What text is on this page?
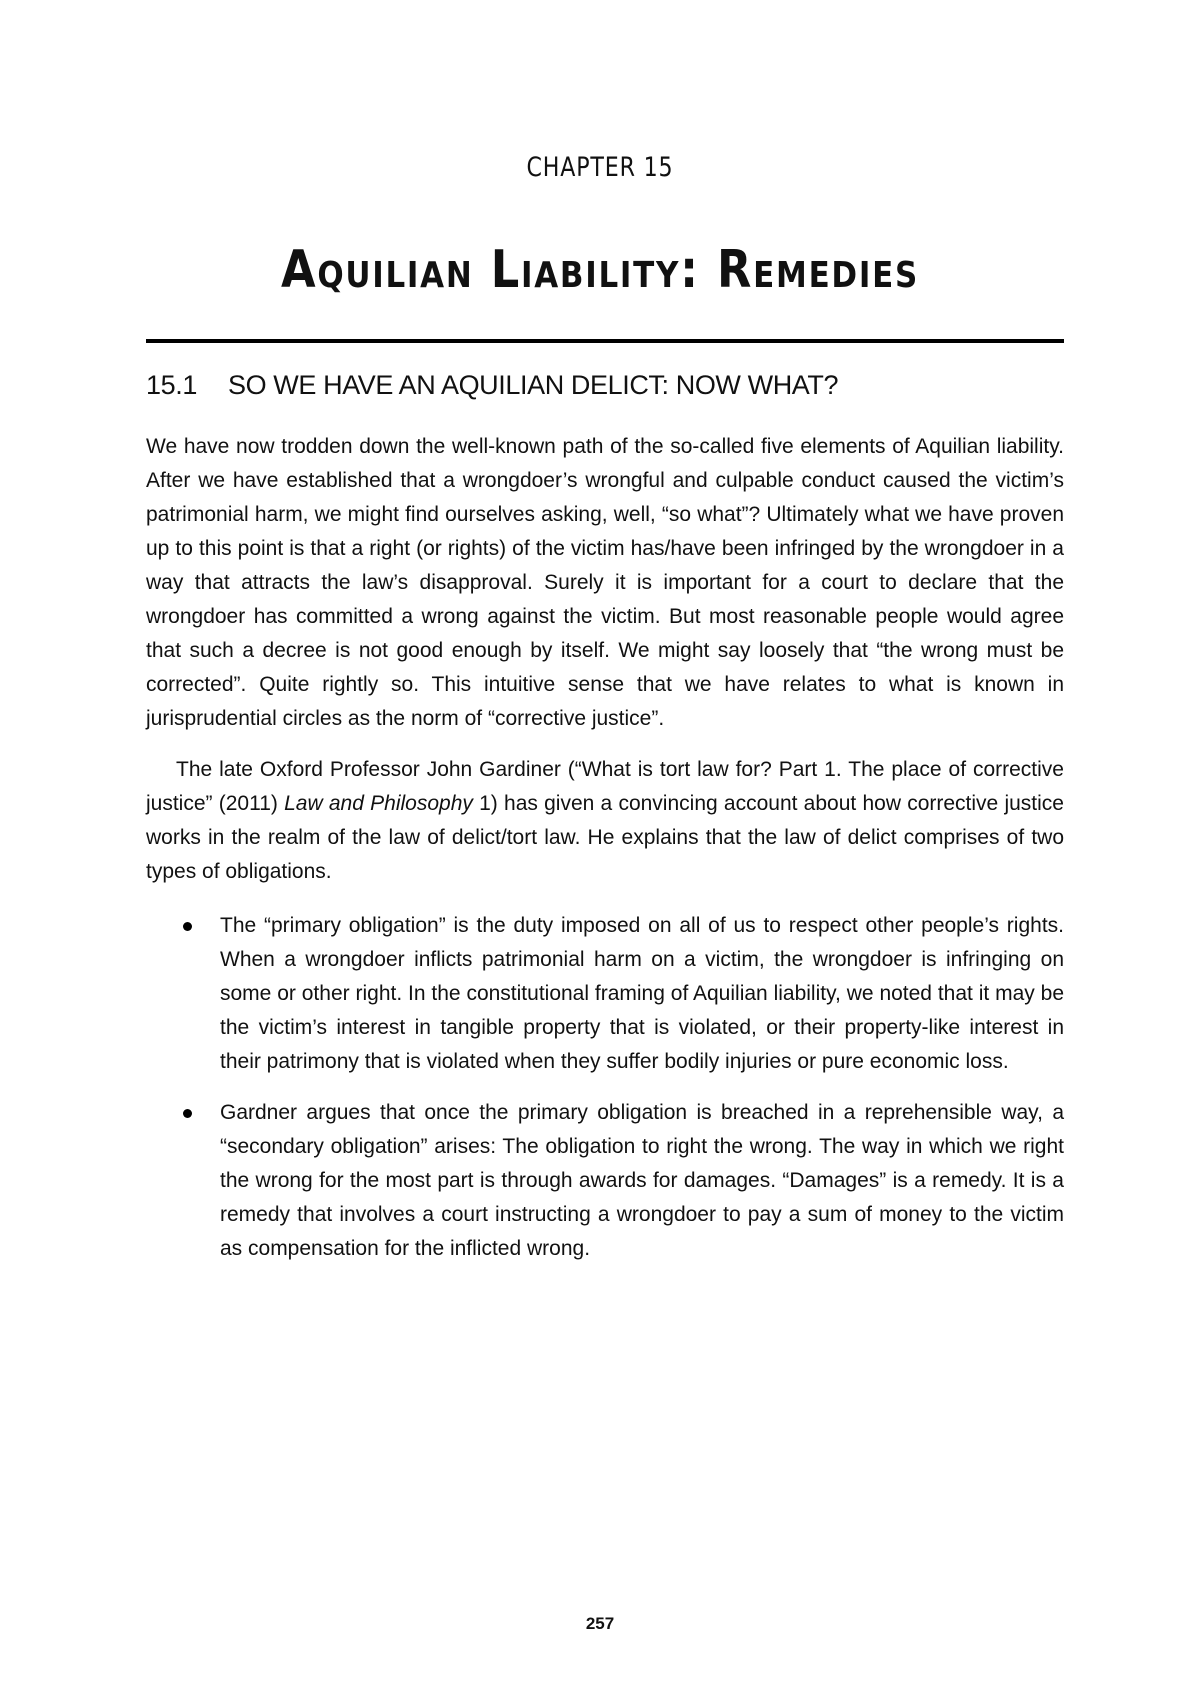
CHAPTER 15
Aquilian Liability: Remedies
15.1 SO WE HAVE AN AQUILIAN DELICT: NOW WHAT?

We have now trodden down the well-known path of the so-called five elements of Aquilian liability. After we have established that a wrongdoer’s wrongful and culpable conduct caused the victim’s patrimonial harm, we might find ourselves asking, well, “so what”? Ultimately what we have proven up to this point is that a right (or rights) of the victim has/have been infringed by the wrongdoer in a way that attracts the law’s disapproval. Surely it is important for a court to declare that the wrongdoer has committed a wrong against the victim. But most reasonable people would agree that such a decree is not good enough by itself. We might say loosely that “the wrong must be corrected”. Quite rightly so. This intuitive sense that we have relates to what is known in jurisprudential circles as the norm of “corrective justice”.

The late Oxford Professor John Gardiner (“What is tort law for? Part 1. The place of corrective justice” (2011) Law and Philosophy 1) has given a convincing account about how corrective justice works in the realm of the law of delict/tort law. He explains that the law of delict comprises of two types of obligations.

The “primary obligation” is the duty imposed on all of us to respect other people’s rights. When a wrongdoer inflicts patrimonial harm on a victim, the wrongdoer is infringing on some or other right. In the constitutional framing of Aquilian liability, we noted that it may be the victim’s interest in tangible property that is violated, or their property-like interest in their patrimony that is violated when they suffer bodily injuries or pure economic loss.
Gardner argues that once the primary obligation is breached in a reprehensible way, a “secondary obligation” arises: The obligation to right the wrong. The way in which we right the wrong for the most part is through awards for damages. “Damages” is a remedy. It is a remedy that involves a court instructing a wrongdoer to pay a sum of money to the victim as compensation for the inflicted wrong.
257
